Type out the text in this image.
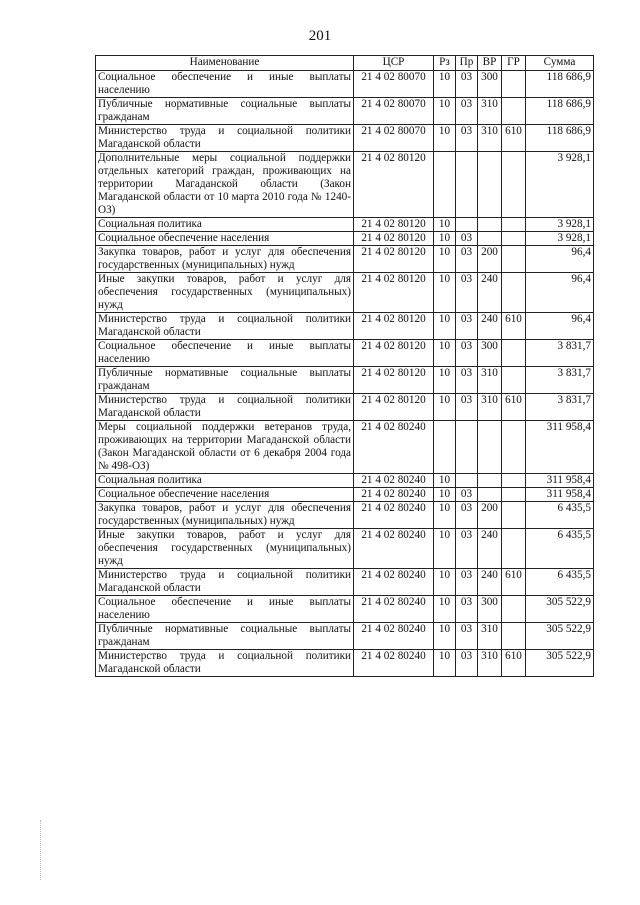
201
Наименование	ЦСР	Рз	Пр	ВР	ГР	Сумма
Социальное обеспечение и иные выплаты населению	21 4 02 80070	10	03	300		118 686,9
Публичные нормативные социальные выплаты гражданам	21 4 02 80070	10	03	310		118 686,9
Министерство труда и социальной политики Магаданской области	21 4 02 80070	10	03	310	610	118 686,9
Дополнительные меры социальной поддержки отдельных категорий граждан, проживающих на территории Магаданской области (Закон Магаданской области от 10 марта 2010 года № 1240-ОЗ)	21 4 02 80120					3 928,1
Социальная политика	21 4 02 80120	10				3 928,1
Социальное обеспечение населения	21 4 02 80120	10	03			3 928,1
Закупка товаров, работ и услуг для обеспечения государственных (муниципальных) нужд	21 4 02 80120	10	03	200		96,4
Иные закупки товаров, работ и услуг для обеспечения государственных (муниципальных) нужд	21 4 02 80120	10	03	240		96,4
Министерство труда и социальной политики Магаданской области	21 4 02 80120	10	03	240	610	96,4
Социальное обеспечение и иные выплаты населению	21 4 02 80120	10	03	300		3 831,7
Публичные нормативные социальные выплаты гражданам	21 4 02 80120	10	03	310		3 831,7
Министерство труда и социальной политики Магаданской области	21 4 02 80120	10	03	310	610	3 831,7
Меры социальной поддержки ветеранов труда, проживающих на территории Магаданской области (Закон Магаданской области от 6 декабря 2004 года № 498-ОЗ)	21 4 02 80240					311 958,4
Социальная политика	21 4 02 80240	10				311 958,4
Социальное обеспечение населения	21 4 02 80240	10	03			311 958,4
Закупка товаров, работ и услуг для обеспечения государственных (муниципальных) нужд	21 4 02 80240	10	03	200		6 435,5
Иные закупки товаров, работ и услуг для обеспечения государственных (муниципальных) нужд	21 4 02 80240	10	03	240		6 435,5
Министерство труда и социальной политики Магаданской области	21 4 02 80240	10	03	240	610	6 435,5
Социальное обеспечение и иные выплаты населению	21 4 02 80240	10	03	300		305 522,9
Публичные нормативные социальные выплаты гражданам	21 4 02 80240	10	03	310		305 522,9
Министерство труда и социальной политики Магаданской области	21 4 02 80240	10	03	310	610	305 522,9
